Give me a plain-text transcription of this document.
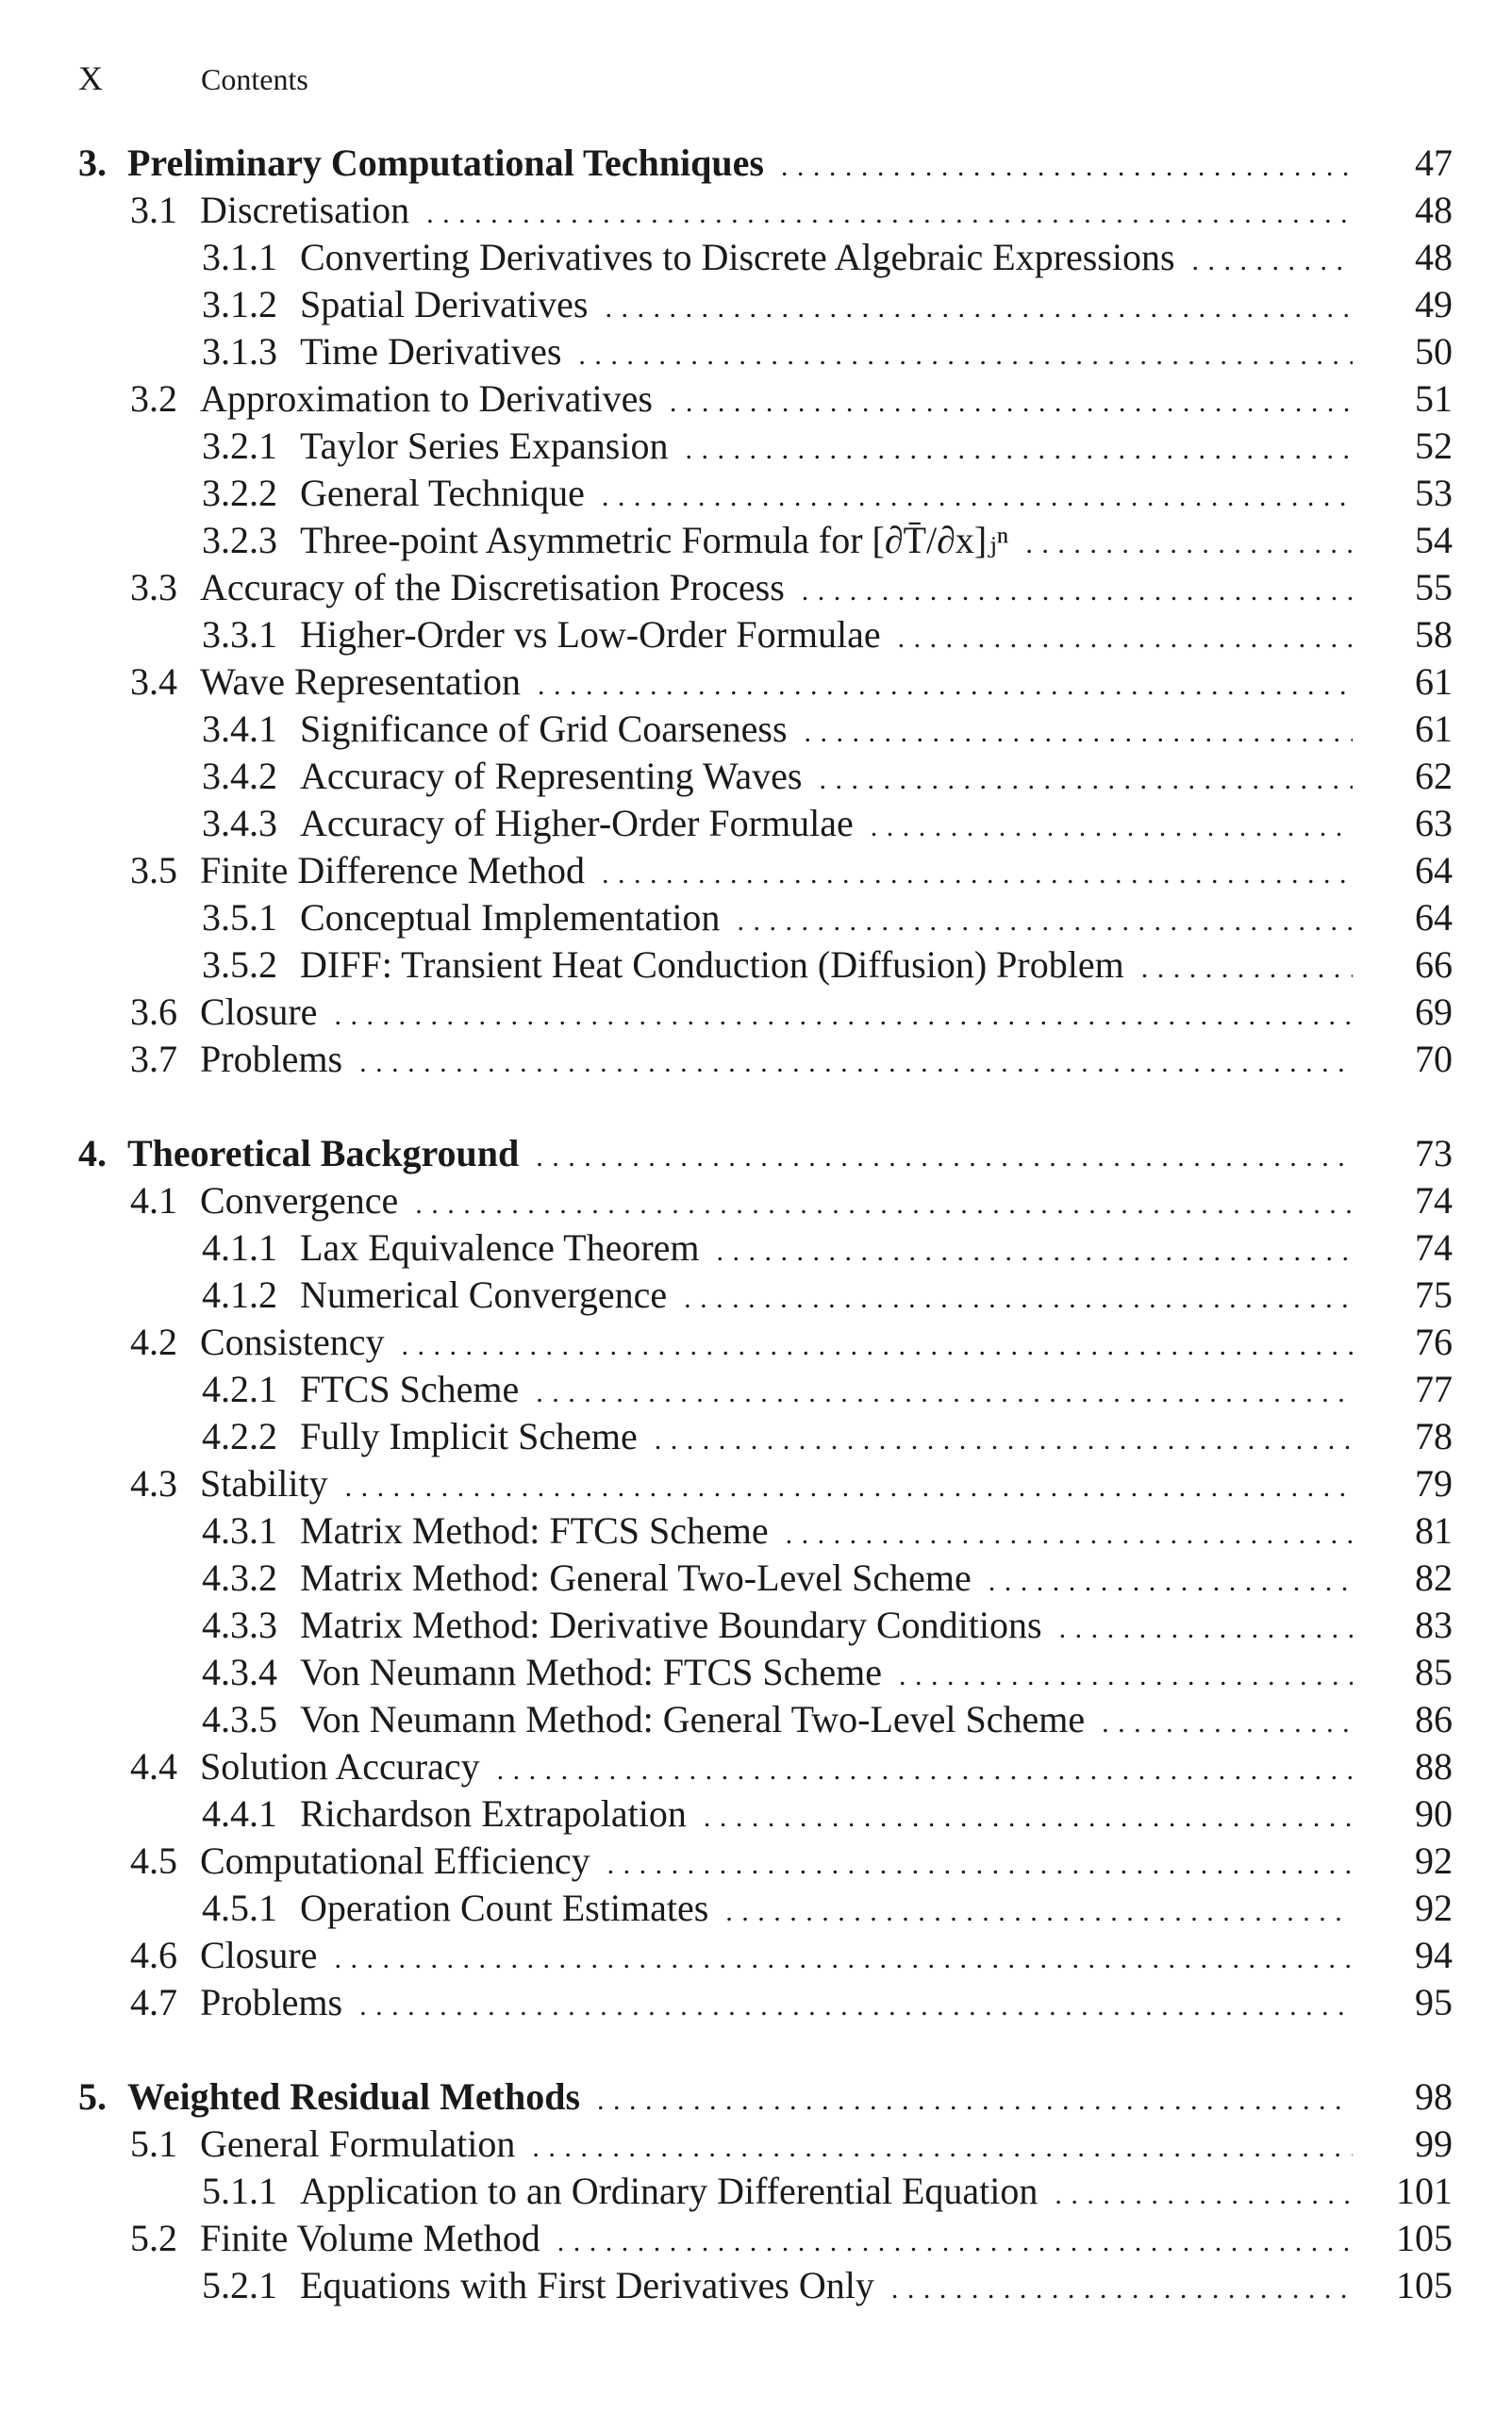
X	Contents
3. Preliminary Computational Techniques . . .	47
3.1 Discretisation . . .	48
3.1.1 Converting Derivatives to Discrete Algebraic Expressions . . .	48
3.1.2 Spatial Derivatives . . .	49
3.1.3 Time Derivatives . . .	50
3.2 Approximation to Derivatives . . .	51
3.2.1 Taylor Series Expansion . . .	52
3.2.2 General Technique . . .	53
3.2.3 Three-point Asymmetric Formula for [∂T̄/∂x]ⱼⁿ . . .	54
3.3 Accuracy of the Discretisation Process . . .	55
3.3.1 Higher-Order vs Low-Order Formulae . . .	58
3.4 Wave Representation . . .	61
3.4.1 Significance of Grid Coarseness . . .	61
3.4.2 Accuracy of Representing Waves . . .	62
3.4.3 Accuracy of Higher-Order Formulae . . .	63
3.5 Finite Difference Method . . .	64
3.5.1 Conceptual Implementation . . .	64
3.5.2 DIFF: Transient Heat Conduction (Diffusion) Problem . . .	66
3.6 Closure . . .	69
3.7 Problems . . .	70
4. Theoretical Background . . .	73
4.1 Convergence . . .	74
4.1.1 Lax Equivalence Theorem . . .	74
4.1.2 Numerical Convergence . . .	75
4.2 Consistency . . .	76
4.2.1 FTCS Scheme . . .	77
4.2.2 Fully Implicit Scheme . . .	78
4.3 Stability . . .	79
4.3.1 Matrix Method: FTCS Scheme . . .	81
4.3.2 Matrix Method: General Two-Level Scheme . . .	82
4.3.3 Matrix Method: Derivative Boundary Conditions . . .	83
4.3.4 Von Neumann Method: FTCS Scheme . . .	85
4.3.5 Von Neumann Method: General Two-Level Scheme . . .	86
4.4 Solution Accuracy . . .	88
4.4.1 Richardson Extrapolation . . .	90
4.5 Computational Efficiency . . .	92
4.5.1 Operation Count Estimates . . .	92
4.6 Closure . . .	94
4.7 Problems . . .	95
5. Weighted Residual Methods . . .	98
5.1 General Formulation . . .	99
5.1.1 Application to an Ordinary Differential Equation . . .	101
5.2 Finite Volume Method . . .	105
5.2.1 Equations with First Derivatives Only . . .	105
